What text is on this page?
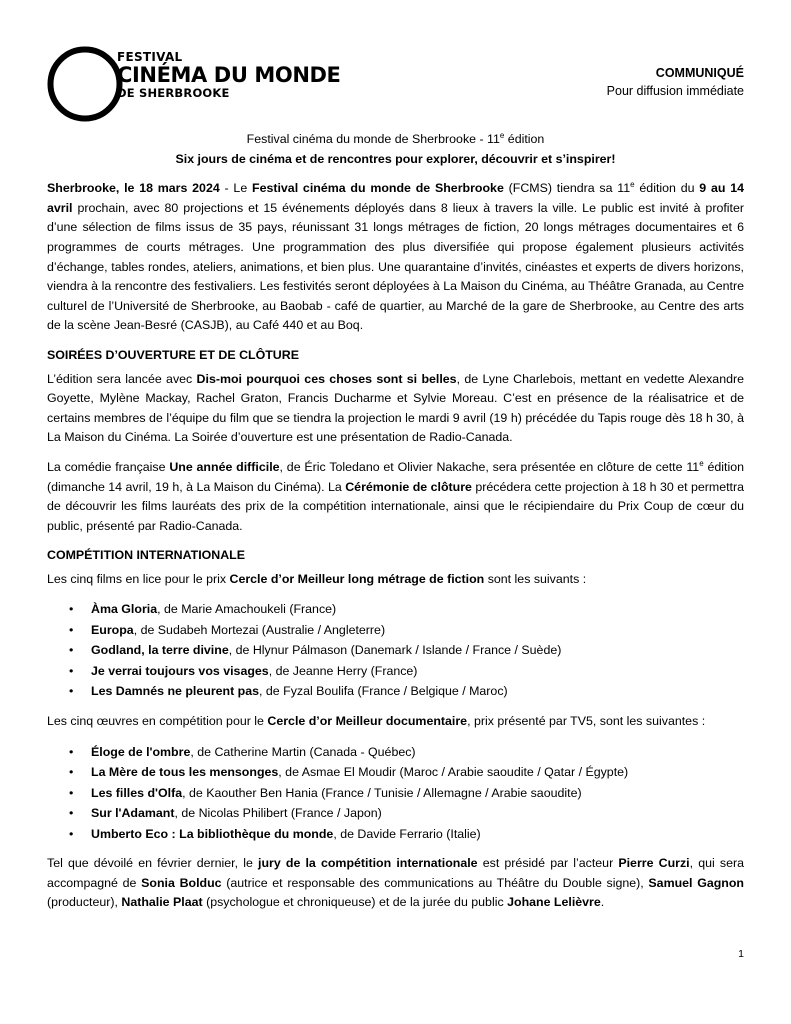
FESTIVAL
CINÉMA DU MONDE
DE SHERBROOKE
COMMUNIQUÉ
Pour diffusion immédiate
Festival cinéma du monde de Sherbrooke - 11e édition
Six jours de cinéma et de rencontres pour explorer, découvrir et s’inspirer!

Sherbrooke, le 18 mars 2024 - Le Festival cinéma du monde de Sherbrooke (FCMS) tiendra sa 11e édition du 9 au 14 avril prochain, avec 80 projections et 15 événements déployés dans 8 lieux à travers la ville. Le public est invité à profiter d’une sélection de films issus de 35 pays, réunissant 31 longs métrages de fiction, 20 longs métrages documentaires et 6 programmes de courts métrages. Une programmation des plus diversifiée qui propose également plusieurs activités d’échange, tables rondes, ateliers, animations, et bien plus. Une quarantaine d’invités, cinéastes et experts de divers horizons, viendra à la rencontre des festivaliers. Les festivités seront déployées à La Maison du Cinéma, au Théâtre Granada, au Centre culturel de l’Université de Sherbrooke, au Baobab - café de quartier, au Marché de la gare de Sherbrooke, au Centre des arts de la scène Jean-Besré (CASJB), au Café 440 et au Boq.

SOIRÉES D’OUVERTURE ET DE CLÔTURE

L’édition sera lancée avec Dis-moi pourquoi ces choses sont si belles, de Lyne Charlebois, mettant en vedette Alexandre Goyette, Mylène Mackay, Rachel Graton, Francis Ducharme et Sylvie Moreau. C’est en présence de la réalisatrice et de certains membres de l’équipe du film que se tiendra la projection le mardi 9 avril (19 h) précédée du Tapis rouge dès 18 h 30, à La Maison du Cinéma. La Soirée d’ouverture est une présentation de Radio-Canada.

La comédie française Une année difficile, de Éric Toledano et Olivier Nakache, sera présentée en clôture de cette 11e édition (dimanche 14 avril, 19 h, à La Maison du Cinéma). La Cérémonie de clôture précédera cette projection à 18 h 30 et permettra de découvrir les films lauréats des prix de la compétition internationale, ainsi que le récipiendaire du Prix Coup de cœur du public, présenté par Radio-Canada.

COMPÉTITION INTERNATIONALE

Les cinq films en lice pour le prix Cercle d’or Meilleur long métrage de fiction sont les suivants :

• Àma Gloria, de Marie Amachoukeli (France)
• Europa, de Sudabeh Mortezai (Australie / Angleterre)
• Godland, la terre divine, de Hlynur Pálmason (Danemark / Islande / France / Suède)
• Je verrai toujours vos visages, de Jeanne Herry (France)
• Les Damnés ne pleurent pas, de Fyzal Boulifa (France / Belgique / Maroc)

Les cinq œuvres en compétition pour le Cercle d’or Meilleur documentaire, prix présenté par TV5, sont les suivantes :

• Éloge de l'ombre, de Catherine Martin (Canada - Québec)
• La Mère de tous les mensonges, de Asmae El Moudir (Maroc / Arabie saoudite / Qatar / Égypte)
• Les filles d'Olfa, de Kaouther Ben Hania (France / Tunisie / Allemagne / Arabie saoudite)
• Sur l'Adamant, de Nicolas Philibert (France / Japon)
• Umberto Eco : La bibliothèque du monde, de Davide Ferrario (Italie)

Tel que dévoilé en février dernier, le jury de la compétition internationale est présidé par l’acteur Pierre Curzi, qui sera accompagné de Sonia Bolduc (autrice et responsable des communications au Théâtre du Double signe), Samuel Gagnon (producteur), Nathalie Plaat (psychologue et chroniqueuse) et de la jurée du public Johane Lelièvre.

1
